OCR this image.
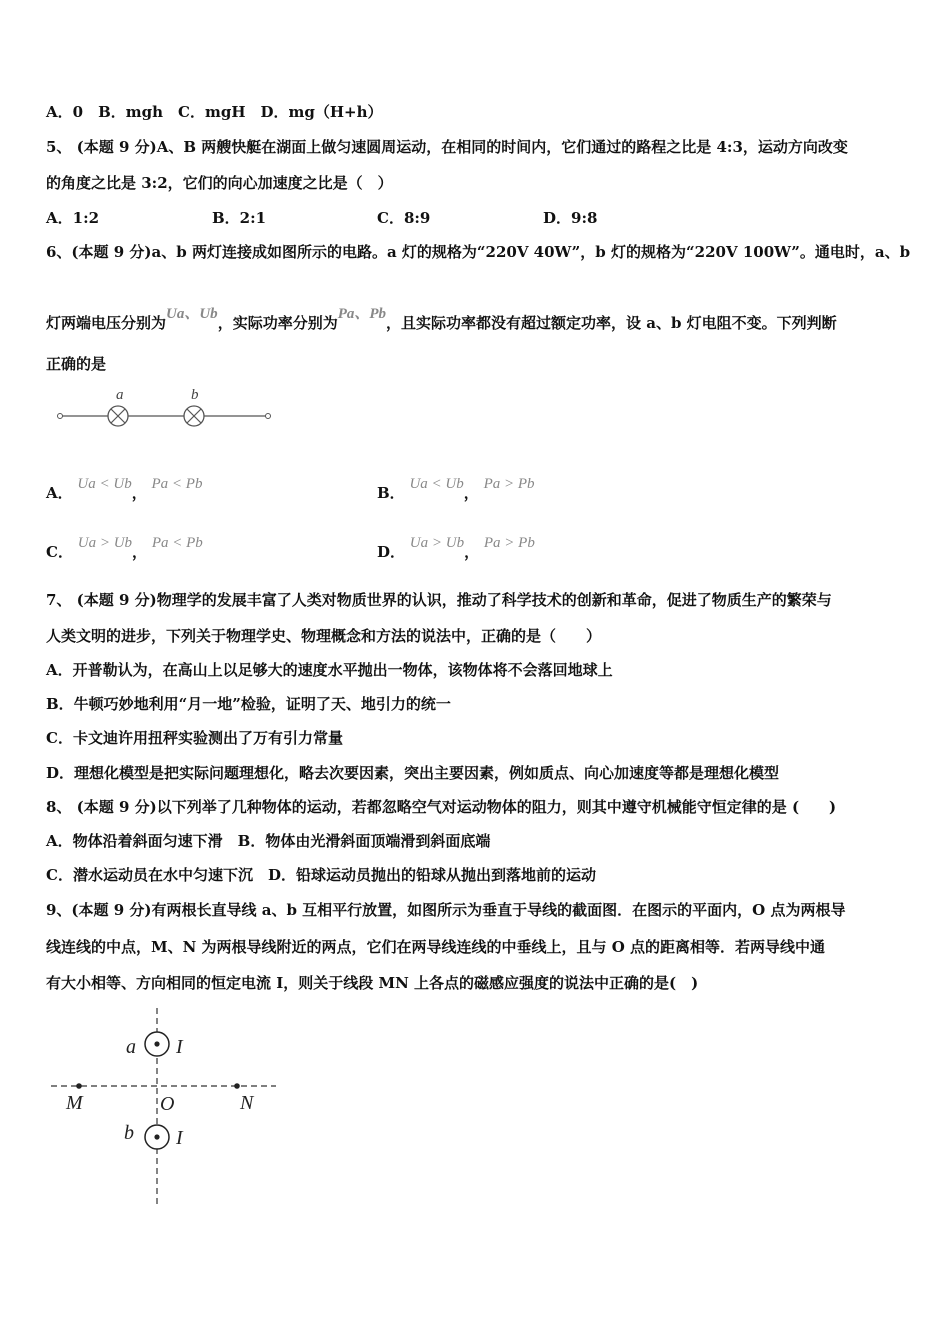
A．0　B．mgh　C．mgH　D．mg（H+h）
5、 (本题 9 分)A、B 两艘快艇在湖面上做匀速圆周运动，在相同的时间内，它们通过的路程之比是 4:3，运动方向改变
的角度之比是 3:2，它们的向心加速度之比是（　）
A．1:2	B．2:1	C．8:9	D．9:8
6、(本题 9 分)a、b 两灯连接成如图所示的电路。a 灯的规格为“220V 40W”，b 灯的规格为“220V 100W”。通电时，a、b
灯两端电压分别为Ua、Ub，实际功率分别为Pa、Pb，且实际功率都没有超过额定功率，设 a、b 灯电阻不变。下列判断
正确的是
a	b
A． Ua < Ub， Pa < Pb	B． Ua < Ub， Pa > Pb
C． Ua > Ub， Pa < Pb	D． Ua > Ub， Pa > Pb
7、 (本题 9 分)物理学的发展丰富了人类对物质世界的认识，推动了科学技术的创新和革命，促进了物质生产的繁荣与
人类文明的进步，下列关于物理学史、物理概念和方法的说法中，正确的是（　　）
A．开普勒认为，在高山上以足够大的速度水平抛出一物体，该物体将不会落回地球上
B．牛顿巧妙地利用“月一地”检验，证明了天、地引力的统一
C．卡文迪许用扭秤实验测出了万有引力常量
D．理想化模型是把实际问题理想化，略去次要因素，突出主要因素，例如质点、向心加速度等都是理想化模型
8、 (本题 9 分)以下列举了几种物体的运动，若都忽略空气对运动物体的阻力，则其中遵守机械能守恒定律的是 (　　)
A．物体沿着斜面匀速下滑　B．物体由光滑斜面顶端滑到斜面底端
C．潜水运动员在水中匀速下沉　D．铅球运动员抛出的铅球从抛出到落地前的运动
9、(本题 9 分)有两根长直导线 a、b 互相平行放置，如图所示为垂直于导线的截面图．在图示的平面内，O 点为两根导
线连线的中点，M、N 为两根导线附近的两点，它们在两导线连线的中垂线上，且与 O 点的距离相等．若两导线中通
有大小相等、方向相同的恒定电流 I，则关于线段 MN 上各点的磁感应强度的说法中正确的是(　)
a I
b I
M	O	N
